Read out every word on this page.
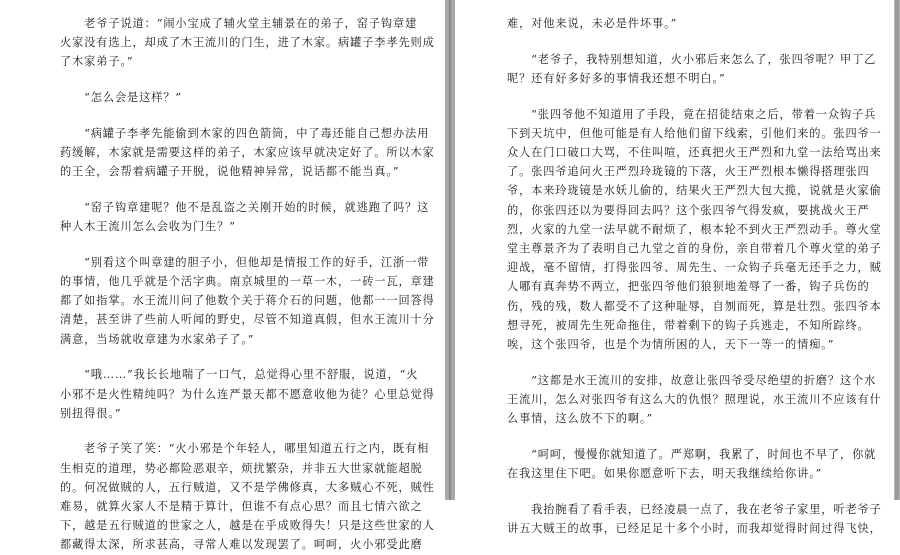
　　老爷子说道：“闹小宝成了辅火堂主辅景在的弟子，窑子钩章建
火家没有选上，却成了木王流川的门生，进了木家。病罐子李孝先则成
了木家弟子。”
　　“怎么会是这样？”
　　“病罐子李孝先能偷到木家的四色箭筒，中了毒还能自己想办法用
药缓解，木家就是需要这样的弟子，木家应该早就决定好了。所以木家
的王全，会帮着病罐子开脱，说他精神异常，说话都不能当真。”
　　“窑子钩章建呢？他不是乱盗之关刚开始的时候，就逃跑了吗？这
种人木王流川怎么会收为门生？”
　　“别看这个叫章建的胆子小，但他却是情报工作的好手，江浙一带
的事情，他几乎就是个活字典。南京城里的一草一木，一砖一瓦，章建
都了如指掌。水王流川问了他数个关于蒋介石的问题，他都一一回答得
清楚，甚至讲了些前人听闻的野史，尽管不知道真假，但水王流川十分
满意，当场就收章建为水家弟子了。”
　　“哦……”我长长地喘了一口气，总觉得心里不舒服，说道，“火
小邪不是火性精纯吗？为什么连严景天都不愿意收他为徒？心里总觉得
别扭得很。”
　　老爷子笑了笑：“火小邪是个年轻人，哪里知道五行之内，既有相
生相克的道理，势必都险恶艰辛，烦扰繁杂，并非五大世家就能超脱
的。何况做贼的人，五行贼道，又不是学佛修真，大多贼心不死，贼性
难易，就算火家人不是精于算计，但谁不有点心思？而且七情六欲之
下，越是五行贼道的世家之人，越是在乎成败得失！只是这些世家的人
都藏得太深，所求甚高，寻常人难以发现罢了。呵呵，火小邪受此磨
难，对他来说，未必是件坏事。”
　　“老爷子，我特别想知道，火小邪后来怎么了，张四爷呢？甲丁乙
呢？还有好多好多的事情我还想不明白。”
　　“张四爷他不知道用了手段，竟在招徒结束之后，带着一众钩子兵
下到天坑中，但他可能是有人给他们留下线索，引他们来的。张四爷一
众人在门口破口大骂，不住叫喧，还真把火王严烈和九堂一法给骂出来
了。张四爷追问火王严烈玲珑镜的下落，火王严烈根本懒得搭理张四
爷，本来玲珑镜是水妖儿偷的，结果火王严烈大包大揽，说就是火家偷
的，你张四还以为要得回去吗？这个张四爷气得发疯，要挑战火王严
烈，火家的九堂一法早就不耐烦了，根本轮不到火王严烈动手。尊火堂
堂主尊景齐为了表明自己九堂之首的身份，亲自带着几个尊火堂的弟子
迎战，毫不留情，打得张四爷、周先生、一众钩子兵毫无还手之力，贼
人哪有真奔势不两立，把张四爷他们狼狈地羞辱了一番，钩子兵伤的
伤，残的残，数人都受不了这种耻辱，自刎而死，算是壮烈。张四爷本
想寻死，被周先生死命拖住，带着剩下的钩子兵逃走，不知所踪终。
唉，这个张四爷，也是个为情所困的人，天下一等一的情痴。”
　　“这都是水王流川的安排，故意让张四爷受尽绝望的折磨？这个水
王流川，怎么对张四爷有这么大的仇恨？照理说，水王流川不应该有什
么事情，这么放不下的啊。”
　　“呵呵，慢慢你就知道了。严郑啊，我累了，时间也不早了，你就
在我这里住下吧。如果你愿意听下去，明天我继续给你讲。”
　　我抬腕看了看手表，已经凌晨一点了，我在老爷子家里，听老爷子
讲五大贼王的故事，已经足足十多个小时，而我却觉得时间过得飞快，
